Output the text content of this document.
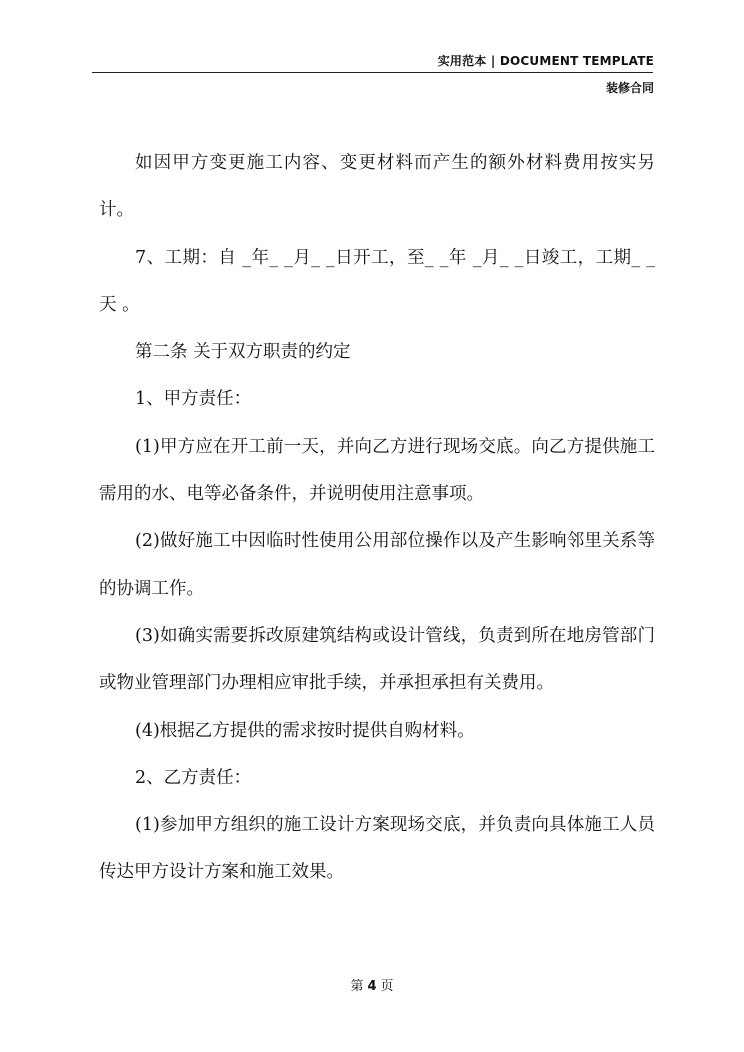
实用范本 | DOCUMENT TEMPLATE
装修合同

如因甲方变更施工内容、变更材料而产生的额外材料费用按实另计。

7、工期：自 _年_ _月_ _日开工，至_ _年 _月_ _日竣工，工期_ _天 。

第二条 关于双方职责的约定

1、甲方责任：

(1)甲方应在开工前一天，并向乙方进行现场交底。向乙方提供施工需用的水、电等必备条件，并说明使用注意事项。

(2)做好施工中因临时性使用公用部位操作以及产生影响邻里关系等的协调工作。

(3)如确实需要拆改原建筑结构或设计管线，负责到所在地房管部门或物业管理部门办理相应审批手续，并承担承担有关费用。

(4)根据乙方提供的需求按时提供自购材料。

2、乙方责任：

(1)参加甲方组织的施工设计方案现场交底，并负责向具体施工人员传达甲方设计方案和施工效果。

第 4 页
